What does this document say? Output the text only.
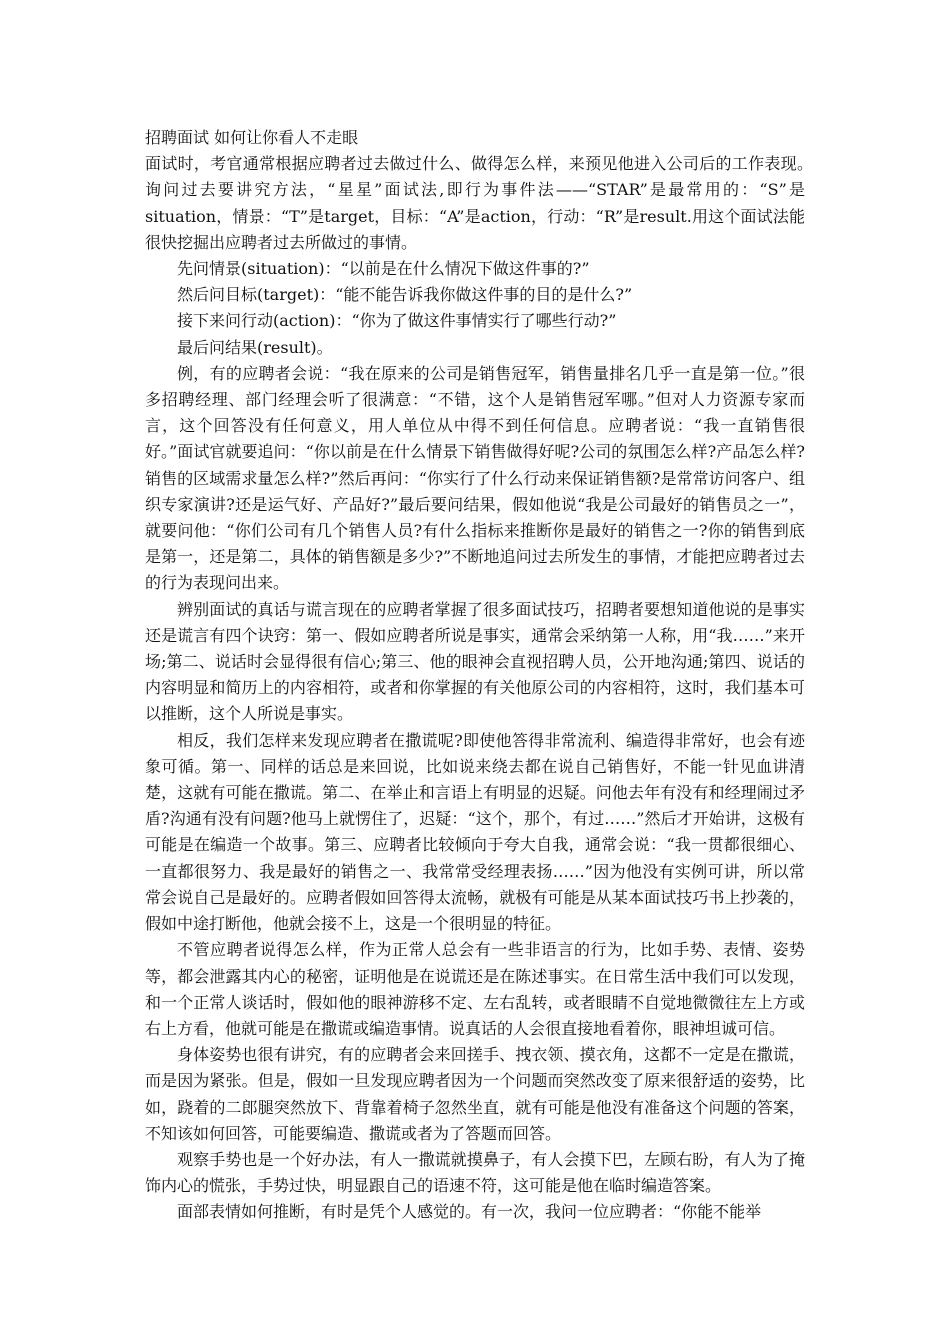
招聘面试 如何让你看人不走眼

面试时，考官通常根据应聘者过去做过什么、做得怎么样，来预见他进入公司后的工作表现。　　询问过去要讲究方法，“星星”面试法,即行为事件法——“STAR”是最常用的：“S”是situation，情景：“T”是target，目标：“A”是action，行动：“R”是result.用这个面试法能很快挖掘出应聘者过去所做过的事情。

先问情景(situation)：“以前是在什么情况下做这件事的?”

然后问目标(target)：“能不能告诉我你做这件事的目的是什么?”

接下来问行动(action)：“你为了做这件事情实行了哪些行动?”

最后问结果(result)。

例，有的应聘者会说：“我在原来的公司是销售冠军，销售量排名几乎一直是第一位。”很多招聘经理、部门经理会听了很满意：“不错，这个人是销售冠军哪。”但对人力资源专家而言，这个回答没有任何意义，用人单位从中得不到任何信息。应聘者说：“我一直销售很好。”面试官就要追问：“你以前是在什么情景下销售做得好呢?公司的氛围怎么样?产品怎么样?销售的区域需求量怎么样?”然后再问：“你实行了什么行动来保证销售额?是常常访问客户、组织专家演讲?还是运气好、产品好?”最后要问结果，假如他说“我是公司最好的销售员之一”，就要问他：“你们公司有几个销售人员?有什么指标来推断你是最好的销售之一?你的销售到底是第一，还是第二，具体的销售额是多少?”不断地追问过去所发生的事情，才能把应聘者过去的行为表现问出来。

辨别面试的真话与谎言现在的应聘者掌握了很多面试技巧，招聘者要想知道他说的是事实还是谎言有四个诀窍：第一、假如应聘者所说是事实，通常会采纳第一人称，用“我……”来开场;第二、说话时会显得很有信心;第三、他的眼神会直视招聘人员，公开地沟通;第四、说话的内容明显和简历上的内容相符，或者和你掌握的有关他原公司的内容相符，这时，我们基本可以推断，这个人所说是事实。

相反，我们怎样来发现应聘者在撒谎呢?即使他答得非常流利、编造得非常好，也会有迹象可循。第一、同样的话总是来回说，比如说来绕去都在说自己销售好，不能一针见血讲清楚，这就有可能在撒谎。第二、在举止和言语上有明显的迟疑。问他去年有没有和经理闹过矛盾?沟通有没有问题?他马上就愣住了，迟疑：“这个，那个，有过……”然后才开始讲，这极有可能是在编造一个故事。第三、应聘者比较倾向于夸大自我，通常会说：“我一贯都很细心、一直都很努力、我是最好的销售之一、我常常受经理表扬……”因为他没有实例可讲，所以常常会说自己是最好的。应聘者假如回答得太流畅，就极有可能是从某本面试技巧书上抄袭的，假如中途打断他，他就会接不上，这是一个很明显的特征。

不管应聘者说得怎么样，作为正常人总会有一些非语言的行为，比如手势、表情、姿势等，都会泄露其内心的秘密，证明他是在说谎还是在陈述事实。在日常生活中我们可以发现，和一个正常人谈话时，假如他的眼神游移不定、左右乱转，或者眼睛不自觉地微微往左上方或右上方看，他就可能是在撒谎或编造事情。说真话的人会很直接地看着你，眼神坦诚可信。

身体姿势也很有讲究，有的应聘者会来回搓手、拽衣领、摸衣角，这都不一定是在撒谎，而是因为紧张。但是，假如一旦发现应聘者因为一个问题而突然改变了原来很舒适的姿势，比如，跷着的二郎腿突然放下、背靠着椅子忽然坐直，就有可能是他没有准备这个问题的答案，不知该如何回答，可能要编造、撒谎或者为了答题而回答。

观察手势也是一个好办法，有人一撒谎就摸鼻子，有人会摸下巴，左顾右盼，有人为了掩饰内心的慌张，手势过快，明显跟自己的语速不符，这可能是他在临时编造答案。

面部表情如何推断，有时是凭个人感觉的。有一次，我问一位应聘者：“你能不能举
